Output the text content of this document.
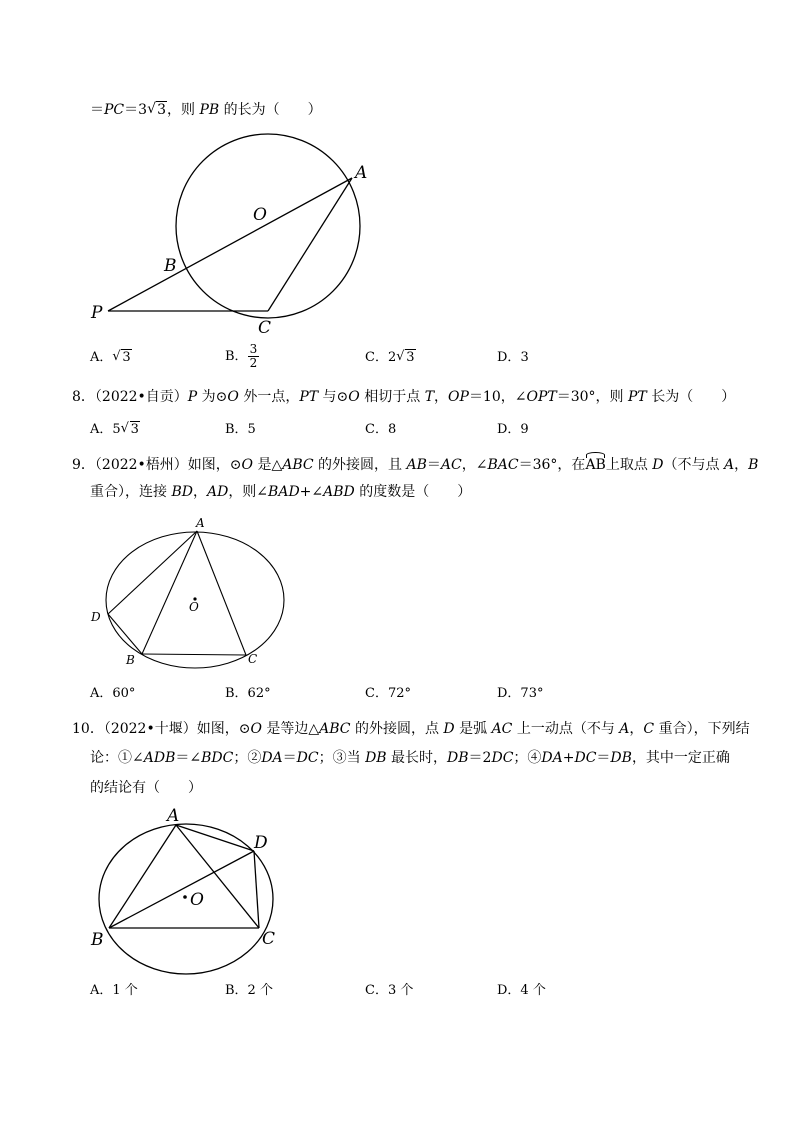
＝PC＝3 √ 3，则 PB 的长为（　　）
A
O
B
P
C
A． √ 3	B． $\frac{3}{2}$	C．2 √ 3	D．3
8．（2022•自贡）P 为⊙O 外一点，PT 与⊙O 相切于点 T，OP＝10，∠OPT＝30°，则 PT 长为（　　）
A．5 √ 3	B．5	C．8	D．9
9．（2022•梧州）如图，⊙O 是△ABC 的外接圆，且 AB＝AC，∠BAC＝36°，在AB上取点 D（不与点 A，B
重合），连接 BD，AD，则∠BAD+∠ABD 的度数是（　　）
A
O
D
B	C
A．60°	B．62°	C．72°	D．73°
10．（2022•十堰）如图，⊙O 是等边△ABC 的外接圆，点 D 是弧 AC 上一动点（不与 A，C 重合），下列结
论：①∠ADB＝∠BDC；②DA＝DC；③当 DB 最长时，DB＝2DC；④DA+DC＝DB，其中一定正确
的结论有（　　）
A
D
O
B	C
A．1 个	B．2 个	C．3 个	D．4 个
